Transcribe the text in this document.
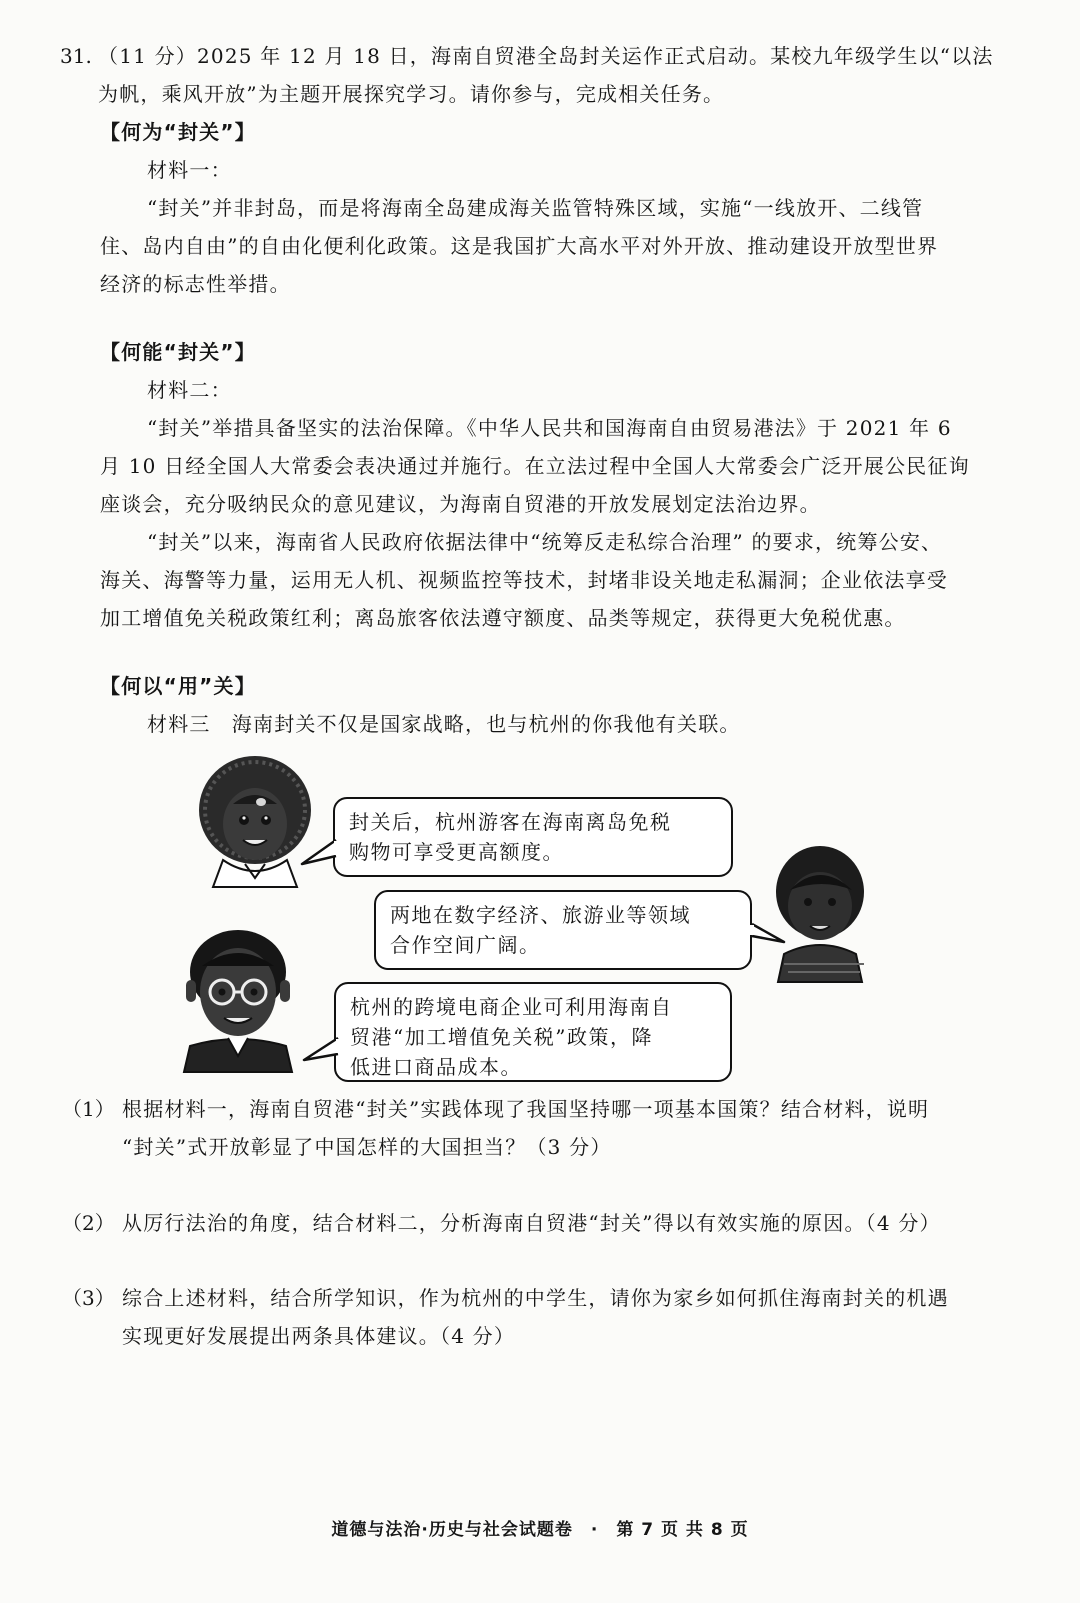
31. （11 分）2025 年 12 月 18 日，海南自贸港全岛封关运作正式启动。某校九年级学生以“以法
为帆，乘风开放”为主题开展探究学习。请你参与，完成相关任务。
【何为“封关”】
材料一：
“封关”并非封岛，而是将海南全岛建成海关监管特殊区域，实施“一线放开、二线管
住、岛内自由”的自由化便利化政策。这是我国扩大高水平对外开放、推动建设开放型世界
经济的标志性举措。
【何能“封关”】
材料二：
“封关”举措具备坚实的法治保障。《中华人民共和国海南自由贸易港法》于 2021 年 6
月 10 日经全国人大常委会表决通过并施行。在立法过程中全国人大常委会广泛开展公民征询
座谈会，充分吸纳民众的意见建议，为海南自贸港的开放发展划定法治边界。
“封关”以来，海南省人民政府依据法律中“统筹反走私综合治理” 的要求，统筹公安、
海关、海警等力量，运用无人机、视频监控等技术，封堵非设关地走私漏洞；企业依法享受
加工增值免关税政策红利；离岛旅客依法遵守额度、品类等规定，获得更大免税优惠。
【何以“用”关】
材料三　海南封关不仅是国家战略，也与杭州的你我他有关联。
封关后，杭州游客在海南离岛免税
购物可享受更高额度。
两地在数字经济、旅游业等领域
合作空间广阔。
杭州的跨境电商企业可利用海南自
贸港“加工增值免关税”政策，降
低进口商品成本。
（1） 根据材料一，海南自贸港“封关”实践体现了我国坚持哪一项基本国策？结合材料，说明
“封关”式开放彰显了中国怎样的大国担当？（3 分）
（2） 从厉行法治的角度，结合材料二，分析海南自贸港“封关”得以有效实施的原因。（4 分）
（3） 综合上述材料，结合所学知识，作为杭州的中学生，请你为家乡如何抓住海南封关的机遇
实现更好发展提出两条具体建议。（4 分）
道德与法治·历史与社会试题卷　·　第 7 页 共 8 页
